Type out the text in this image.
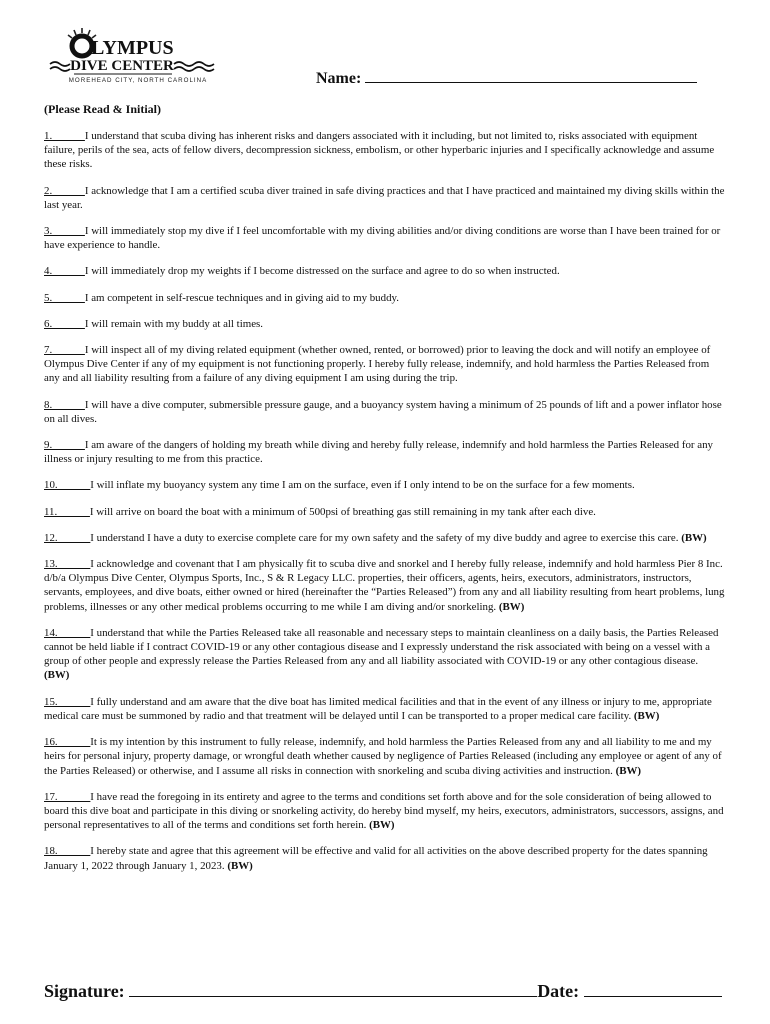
LYMPUS
DIVE CENTER
MOREHEAD CITY, NORTH CAROLINA	Name:
(Please Read & Initial)

1.______I understand that scuba diving has inherent risks and dangers associated with it including, but not limited to, risks associated with equipment failure, perils of the sea, acts of fellow divers, decompression sickness, embolism, or other hyperbaric injuries and I specifically acknowledge and assume these risks.

2.______I acknowledge that I am a certified scuba diver trained in safe diving practices and that I have practiced and maintained my diving skills within the last year.

3.______I will immediately stop my dive if I feel uncomfortable with my diving abilities and/or diving conditions are worse than I have been trained for or have experience to handle.

4.______I will immediately drop my weights if I become distressed on the surface and agree to do so when instructed.

5.______I am competent in self-rescue techniques and in giving aid to my buddy.

6.______I will remain with my buddy at all times.

7.______I will inspect all of my diving related equipment (whether owned, rented, or borrowed) prior to leaving the dock and will notify an employee of Olympus Dive Center if any of my equipment is not functioning properly. I hereby fully release, indemnify, and hold harmless the Parties Released from any and all liability resulting from a failure of any diving equipment I am using during the trip.

8.______I will have a dive computer, submersible pressure gauge, and a buoyancy system having a minimum of 25 pounds of lift and a power inflator hose on all dives.

9.______I am aware of the dangers of holding my breath while diving and hereby fully release, indemnify and hold harmless the Parties Released for any illness or injury resulting to me from this practice.

10.______I will inflate my buoyancy system any time I am on the surface, even if I only intend to be on the surface for a few moments.

11.______I will arrive on board the boat with a minimum of 500psi of breathing gas still remaining in my tank after each dive.

12.______I understand I have a duty to exercise complete care for my own safety and the safety of my dive buddy and agree to exercise this care. (BW)

13.______I acknowledge and covenant that I am physically fit to scuba dive and snorkel and I hereby fully release, indemnify and hold harmless Pier 8 Inc. d/b/a Olympus Dive Center, Olympus Sports, Inc., S & R Legacy LLC. properties, their officers, agents, heirs, executors, administrators, instructors, servants, employees, and dive boats, either owned or hired (hereinafter the “Parties Released”) from any and all liability resulting from heart problems, lung problems, illnesses or any other medical problems occurring to me while I am diving and/or snorkeling. (BW)

14.______I understand that while the Parties Released take all reasonable and necessary steps to maintain cleanliness on a daily basis, the Parties Released cannot be held liable if I contract COVID-19 or any other contagious disease and I expressly understand the risk associated with being on a vessel with a group of other people and expressly release the Parties Released from any and all liability associated with COVID-19 or any other contagious disease. (BW)

15.______I fully understand and am aware that the dive boat has limited medical facilities and that in the event of any illness or injury to me, appropriate medical care must be summoned by radio and that treatment will be delayed until I can be transported to a proper medical care facility. (BW)

16.______It is my intention by this instrument to fully release, indemnify, and hold harmless the Parties Released from any and all liability to me and my heirs for personal injury, property damage, or wrongful death whether caused by negligence of Parties Released (including any employee or agent of any of the Parties Released) or otherwise, and I assume all risks in connection with snorkeling and scuba diving activities and instruction. (BW)

17.______I have read the foregoing in its entirety and agree to the terms and conditions set forth above and for the sole consideration of being allowed to board this dive boat and participate in this diving or snorkeling activity, do hereby bind myself, my heirs, executors, administrators, successors, assigns, and personal representatives to all of the terms and conditions set forth herein. (BW)

18.______I hereby state and agree that this agreement will be effective and valid for all activities on the above described property for the dates spanning January 1, 2022 through January 1, 2023. (BW)

Signature:	Date:
